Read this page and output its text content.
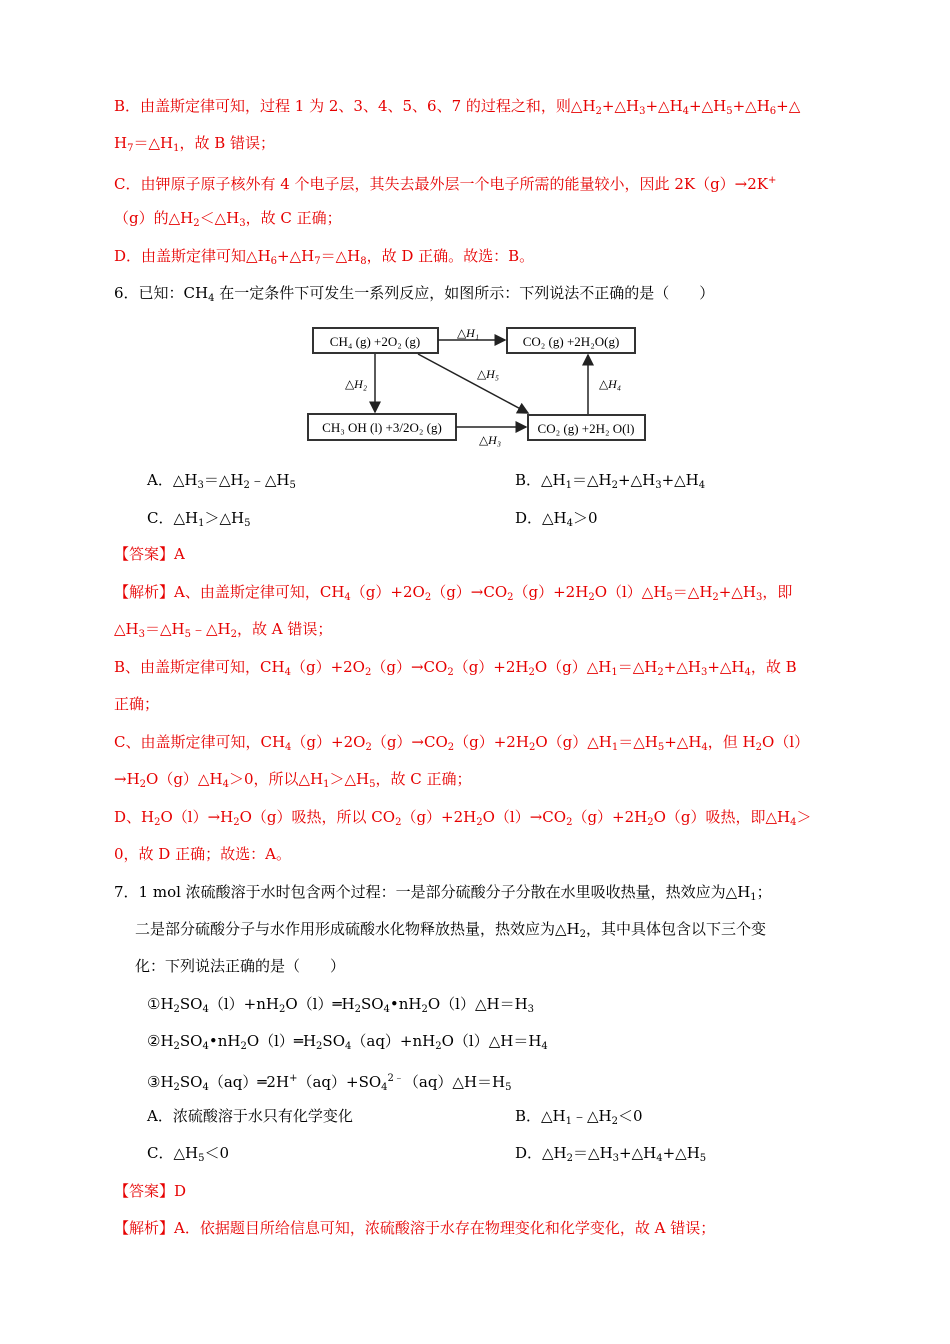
B．由盖斯定律可知，过程 1 为 2、3、4、5、6、7 的过程之和，则$\triangle H_2+\triangle H_3+\triangle H_4+\triangle H_5+\triangle H_6+\triangle$
$H_7=\triangle H_1$，故 B 错误；
C．由钾原子原子核外有 4 个电子层，其失去最外层一个电子所需的能量较小，因此 2K（g）→2K+
（g）的$\triangle H_2<\triangle H_3$，故 C 正确；
D．由盖斯定律可知$\triangle H_6+\triangle H_7=\triangle H_8$，故 D 正确。故选：B。
6．已知：$CH_4$ 在一定条件下可发生一系列反应，如图所示：下列说法不正确的是（　　）
CH₄ (g) +2O₂ (g)	CO₂ (g) +2H₂O(g)
CH₃ OH (l) +3/2O₂ (g)	CO₂ (g) +2H₂ O(l)
△H₁
△H₂
△H₃
△H₄
△H₅
A．$\triangle H_3=\triangle H_2﹣\triangle H_5$	B．$\triangle H_1=\triangle H_2+\triangle H_3+\triangle H_4$
C．$\triangle H_1>\triangle H_5$	D．$\triangle H_4>0$
【答案】A
【解析】A、由盖斯定律可知，$CH_4(g)+2O_2(g)\to CO_2(g)+2H_2O(l)\triangle H_5=\triangle H_2+\triangle H_3$，即
$\triangle H_3=\triangle H_5﹣\triangle H_2$，故 A 错误；
B、由盖斯定律可知，$CH_4(g)+2O_2(g)\to CO_2(g)+2H_2O(g)\triangle H_1=\triangle H_2+\triangle H_3+\triangle H_4$，故 B
正确；
C、由盖斯定律可知，$CH_4(g)+2O_2(g)\to CO_2(g)+2H_2O(g)\triangle H_1=\triangle H_5+\triangle H_4$，但 $H_2O(l)$
$\to H_2O(g)\triangle H_4>0$，所以$\triangle H_1>\triangle H_5$，故 C 正确；
D、$H_2O(l)\to H_2O(g)$吸热，所以 $CO_2(g)+2H_2O(l)\to CO_2(g)+2H_2O(g)$吸热，即$\triangle H_4>$
0，故 D 正确；故选：A。
7．1 mol 浓硫酸溶于水时包含两个过程：一是部分硫酸分子分散在水里吸收热量，热效应为$\triangle H_1$；
二是部分硫酸分子与水作用形成硫酸水化物释放热量，热效应为$\triangle H_2$，其中具体包含以下三个变
化：下列说法正确的是（　　）
$①H_2SO_4(l)+nH_2O(l)═H_2SO_4•nH_2O(l)\triangle H=H_3$
$②H_2SO_4•nH_2O(l)═H_2SO_4(aq)+nH_2O(l)\triangle H=H_4$
$③H_2SO_4(aq)═2H^+(aq)+SO_4^{2﹣}(aq)\triangle H=H_5$
A．浓硫酸溶于水只有化学变化	B．$\triangle H_1﹣\triangle H_2<0$
C．$\triangle H_5<0$	D．$\triangle H_2=\triangle H_3+\triangle H_4+\triangle H_5$
【答案】D
【解析】A．依据题目所给信息可知，浓硫酸溶于水存在物理变化和化学变化，故 A 错误；
